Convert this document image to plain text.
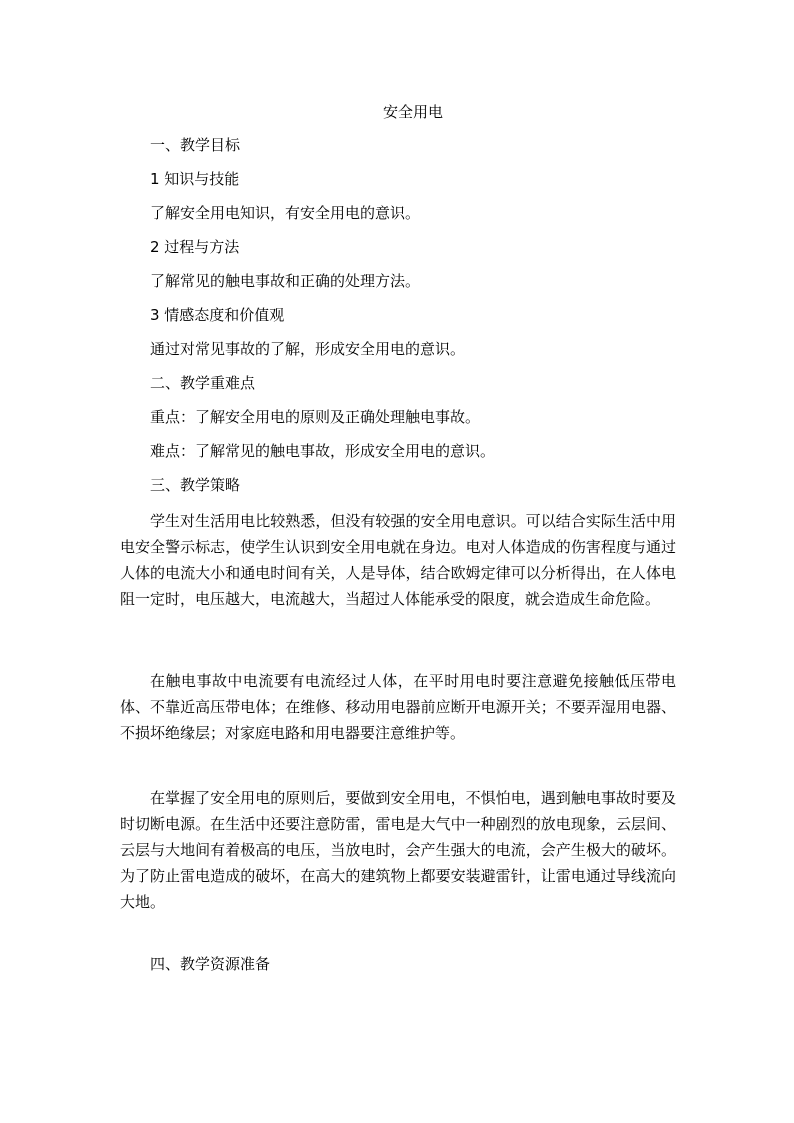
安全用电
一、教学目标
1 知识与技能
了解安全用电知识，有安全用电的意识。
2 过程与方法
了解常见的触电事故和正确的处理方法。
3 情感态度和价值观
通过对常见事故的了解，形成安全用电的意识。
二、教学重难点
重点：了解安全用电的原则及正确处理触电事故。
难点：了解常见的触电事故，形成安全用电的意识。
三、教学策略

学生对生活用电比较熟悉，但没有较强的安全用电意识。可以结合实际生活中用电安全警示标志，使学生认识到安全用电就在身边。电对人体造成的伤害程度与通过人体的电流大小和通电时间有关，人是导体，结合欧姆定律可以分析得出，在人体电阻一定时，电压越大，电流越大，当超过人体能承受的限度，就会造成生命危险。

在触电事故中电流要有电流经过人体，在平时用电时要注意避免接触低压带电体、不靠近高压带电体；在维修、移动用电器前应断开电源开关；不要弄湿用电器、不损坏绝缘层；对家庭电路和用电器要注意维护等。

在掌握了安全用电的原则后，要做到安全用电，不惧怕电，遇到触电事故时要及时切断电源。在生活中还要注意防雷，雷电是大气中一种剧烈的放电现象，云层间、云层与大地间有着极高的电压，当放电时，会产生强大的电流，会产生极大的破坏。为了防止雷电造成的破坏，在高大的建筑物上都要安装避雷针，让雷电通过导线流向大地。

四、教学资源准备
